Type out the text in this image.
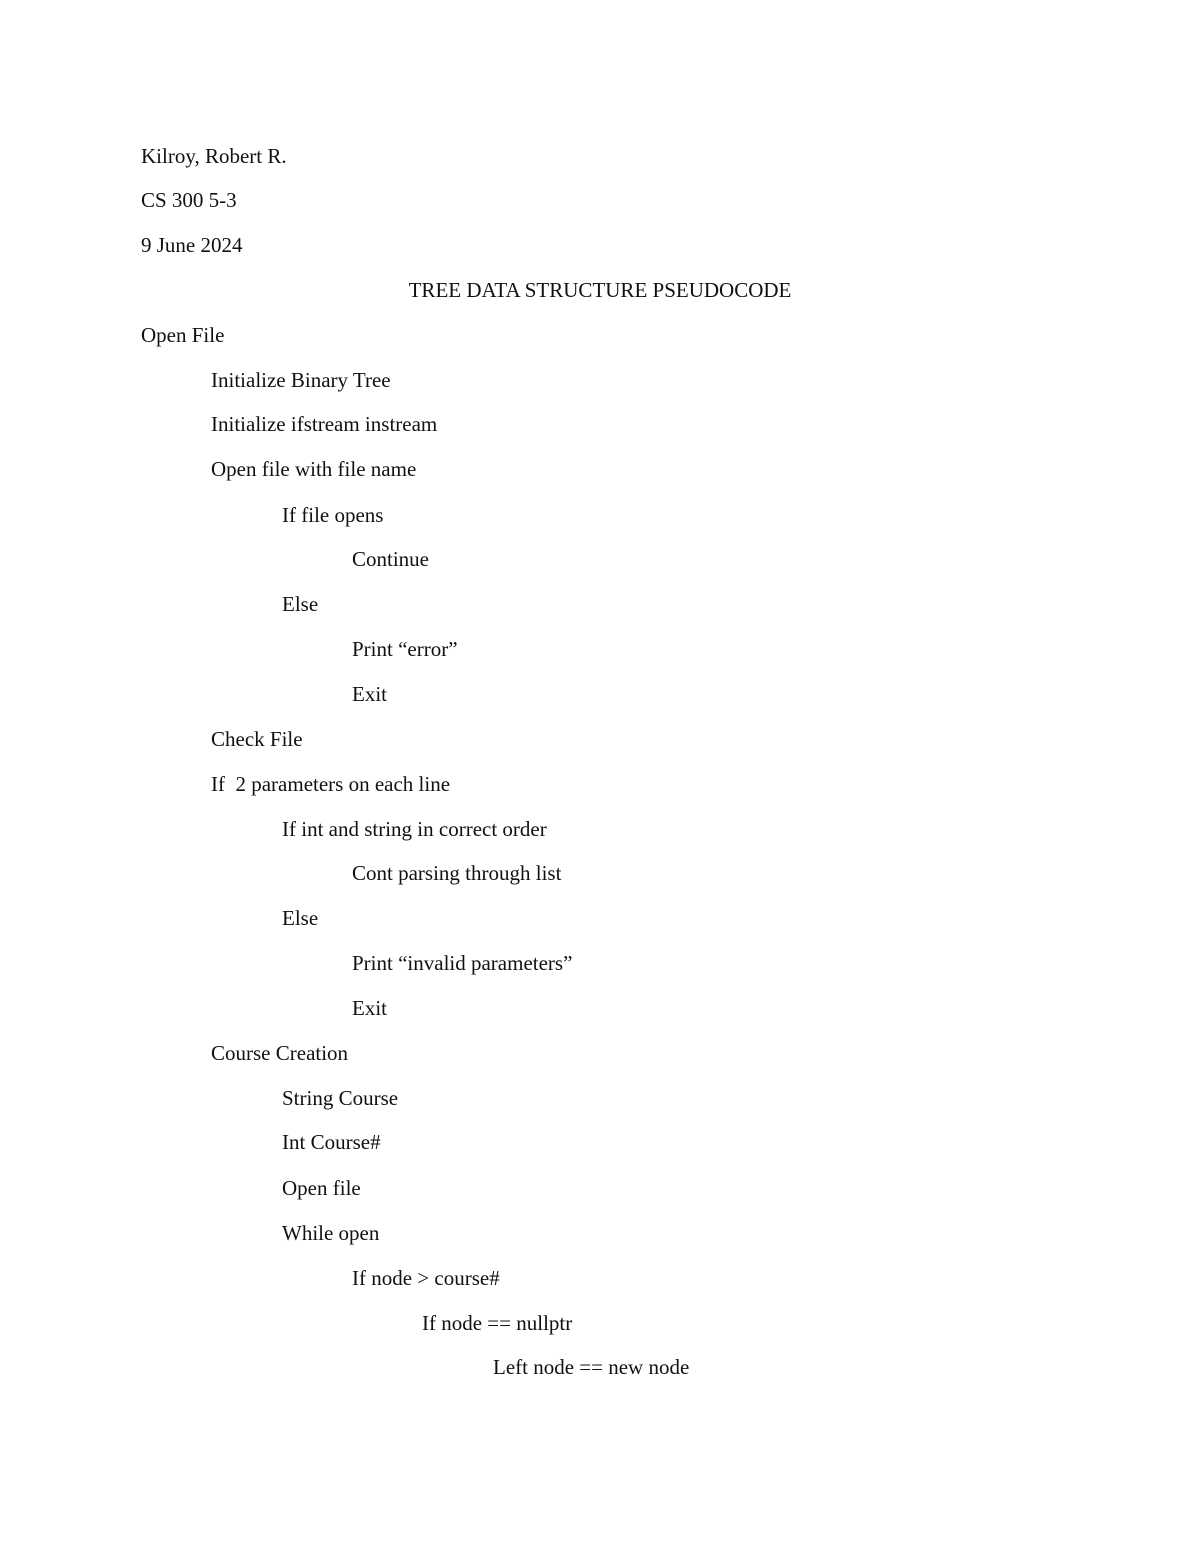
Kilroy, Robert R.

CS 300 5-3

9 June 2024

TREE DATA STRUCTURE PSEUDOCODE

Open File

Initialize Binary Tree

Initialize ifstream instream

Open file with file name

If file opens

Continue

Else

Print “error”

Exit

Check File

If  2 parameters on each line

If int and string in correct order

Cont parsing through list

Else

Print “invalid parameters”

Exit

Course Creation

String Course

Int Course#

Open file

While open

If node > course#

If node == nullptr

Left node == new node
